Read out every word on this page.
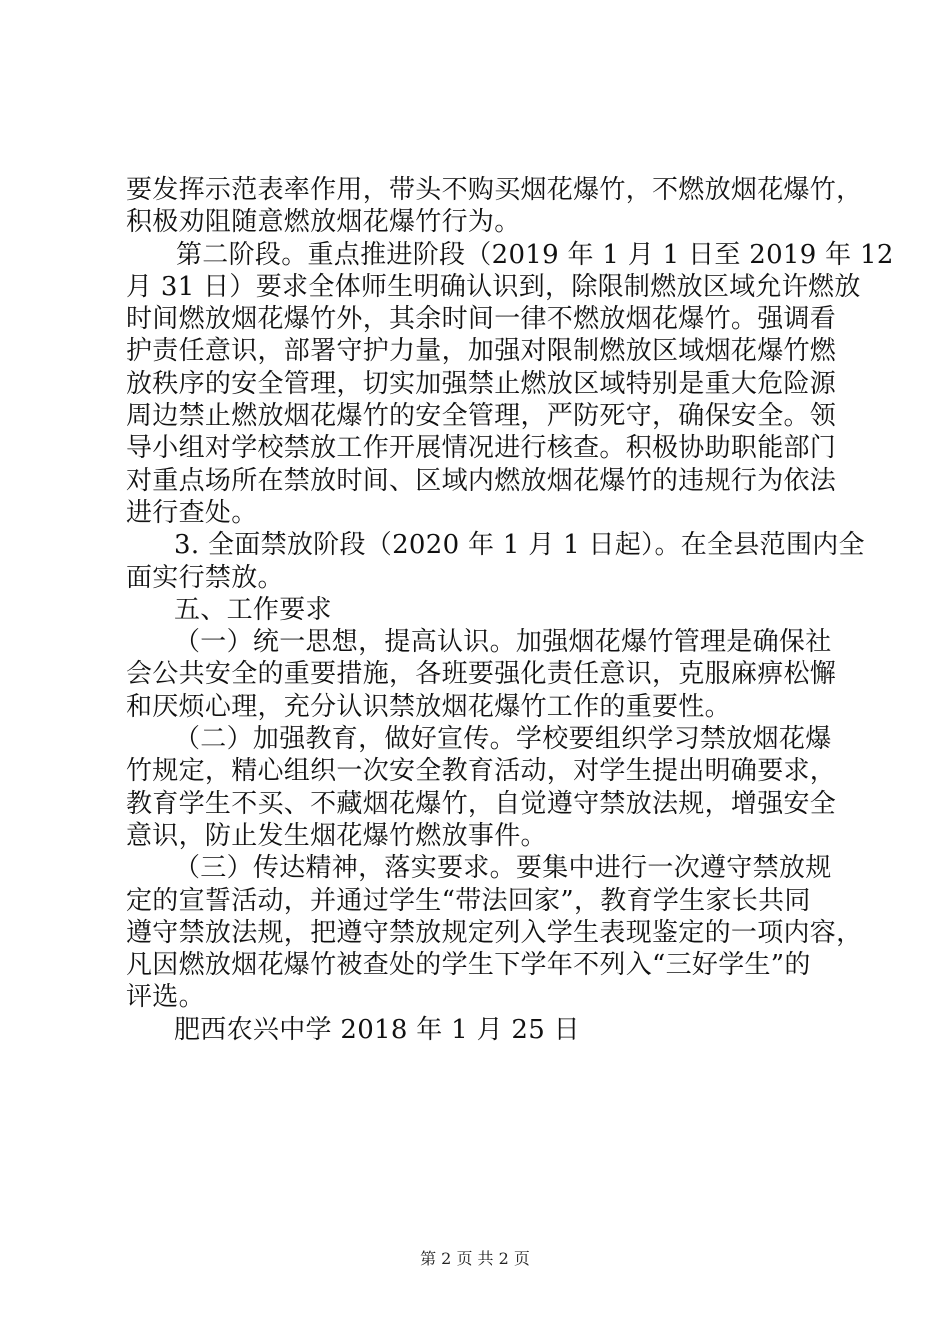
要发挥示范表率作用，带头不购买烟花爆竹，不燃放烟花爆竹，
积极劝阻随意燃放烟花爆竹行为。
第二阶段。重点推进阶段（2019 年 1 月 1 日至 2019 年 12
月 31 日）要求全体师生明确认识到，除限制燃放区域允许燃放
时间燃放烟花爆竹外，其余时间一律不燃放烟花爆竹。强调看
护责任意识，部署守护力量，加强对限制燃放区域烟花爆竹燃
放秩序的安全管理，切实加强禁止燃放区域特别是重大危险源
周边禁止燃放烟花爆竹的安全管理，严防死守，确保安全。领
导小组对学校禁放工作开展情况进行核查。积极协助职能部门
对重点场所在禁放时间、区域内燃放烟花爆竹的违规行为依法
进行查处。
3. 全面禁放阶段（2020 年 1 月 1 日起）。在全县范围内全
面实行禁放。
五、工作要求
（一）统一思想，提高认识。加强烟花爆竹管理是确保社
会公共安全的重要措施，各班要强化责任意识，克服麻痹松懈
和厌烦心理，充分认识禁放烟花爆竹工作的重要性。
（二）加强教育，做好宣传。学校要组织学习禁放烟花爆
竹规定，精心组织一次安全教育活动，对学生提出明确要求，
教育学生不买、不藏烟花爆竹，自觉遵守禁放法规，增强安全
意识，防止发生烟花爆竹燃放事件。
（三）传达精神，落实要求。要集中进行一次遵守禁放规
定的宣誓活动，并通过学生“带法回家”，教育学生家长共同
遵守禁放法规，把遵守禁放规定列入学生表现鉴定的一项内容，
凡因燃放烟花爆竹被查处的学生下学年不列入“三好学生”的
评选。
肥西农兴中学 2018 年 1 月 25 日
第 2 页 共 2 页
